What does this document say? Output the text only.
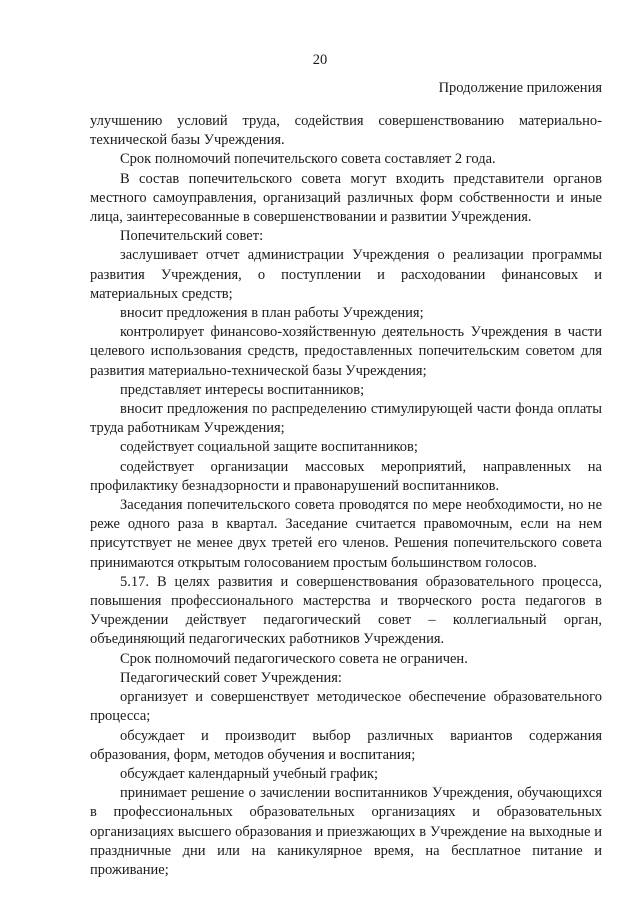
20
Продолжение приложения

улучшению условий труда, содействия совершенствованию материально-технической базы Учреждения.

Срок полномочий попечительского совета составляет 2 года.

В состав попечительского совета могут входить представители органов местного самоуправления, организаций различных форм собственности и иные лица, заинтересованные в совершенствовании и развитии Учреждения.

Попечительский совет:

заслушивает отчет администрации Учреждения о реализации программы развития Учреждения, о поступлении и расходовании финансовых и материальных средств;

вносит предложения в план работы Учреждения;

контролирует финансово-хозяйственную деятельность Учреждения в части целевого использования средств, предоставленных попечительским советом для развития материально-технической базы Учреждения;

представляет интересы воспитанников;

вносит предложения по распределению стимулирующей части фонда оплаты труда работникам Учреждения;

содействует социальной защите воспитанников;

содействует организации массовых мероприятий, направленных на профилактику безнадзорности и правонарушений воспитанников.

Заседания попечительского совета проводятся по мере необходимости, но не реже одного раза в квартал. Заседание считается правомочным, если на нем присутствует не менее двух третей его членов. Решения попечительского совета принимаются открытым голосованием простым большинством голосов.

5.17. В целях развития и совершенствования образовательного процесса, повышения профессионального мастерства и творческого роста педагогов в Учреждении действует педагогический совет – коллегиальный орган, объединяющий педагогических работников Учреждения.

Срок полномочий педагогического совета не ограничен.

Педагогический совет Учреждения:

организует и совершенствует методическое обеспечение образовательного процесса;

обсуждает и производит выбор различных вариантов содержания образования, форм, методов обучения и воспитания;

обсуждает календарный учебный график;

принимает решение о зачислении воспитанников Учреждения, обучающихся в профессиональных образовательных организациях и образовательных организациях высшего образования и приезжающих в Учреждение на выходные и праздничные дни или на каникулярное время, на бесплатное питание и проживание;
